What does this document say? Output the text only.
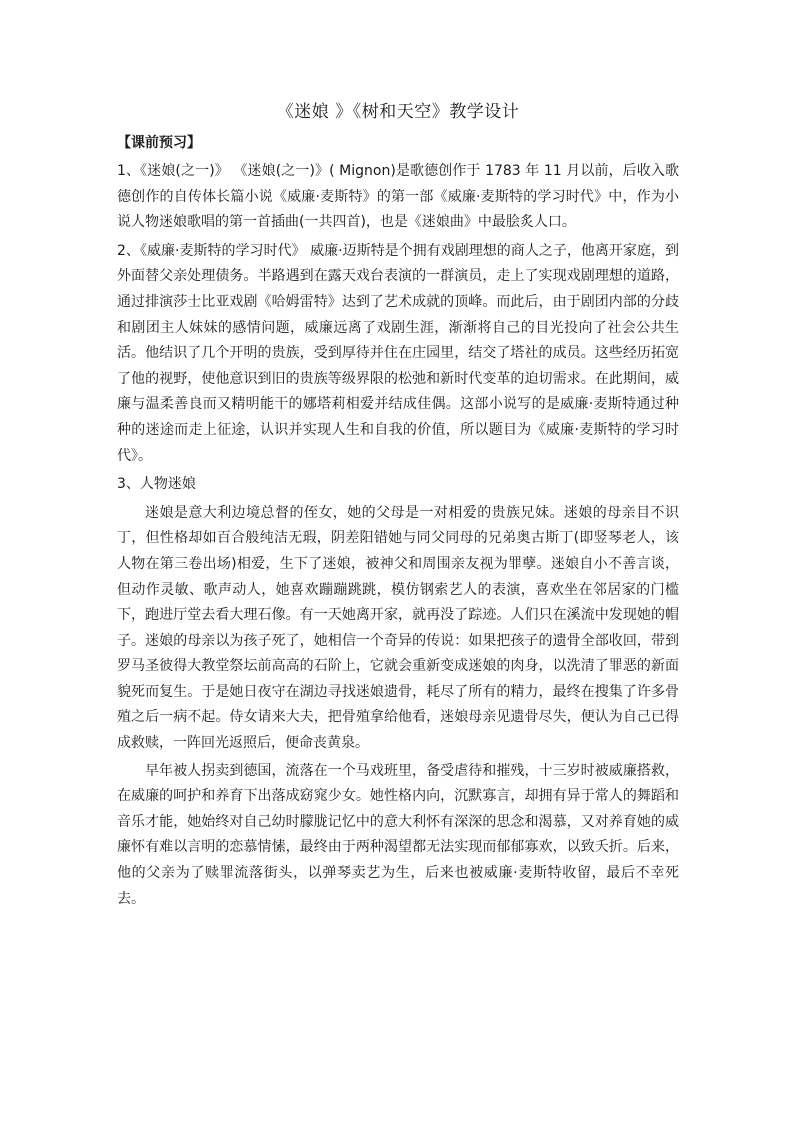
《迷娘 》《树和天空》教学设计
【课前预习】

1、《迷娘(之一)》 《迷娘(之一)》( Mignon)是歌德创作于 1783 年 11 月以前，后收入歌德创作的自传体长篇小说《威廉·麦斯特》的第一部《威廉·麦斯特的学习时代》中，作为小说人物迷娘歌唱的第一首插曲(一共四首)，也是《迷娘曲》中最脍炙人口。

2、《威廉·麦斯特的学习时代》 威廉·迈斯特是个拥有戏剧理想的商人之子，他离开家庭，到外面替父亲处理债务。半路遇到在露天戏台表演的一群演员，走上了实现戏剧理想的道路，通过排演莎士比亚戏剧《哈姆雷特》达到了艺术成就的顶峰。而此后，由于剧团内部的分歧和剧团主人妹妹的感情问题，威廉远离了戏剧生涯，渐渐将自己的目光投向了社会公共生活。他结识了几个开明的贵族，受到厚待并住在庄园里，结交了塔社的成员。这些经历拓宽了他的视野，使他意识到旧的贵族等级界限的松弛和新时代变革的迫切需求。在此期间，威廉与温柔善良而又精明能干的娜塔莉相爱并结成佳偶。这部小说写的是威廉·麦斯特通过种种的迷途而走上征途，认识并实现人生和自我的价值，所以题目为《威廉·麦斯特的学习时代》。

3、人物迷娘

迷娘是意大利边境总督的侄女，她的父母是一对相爱的贵族兄妹。迷娘的母亲目不识丁，但性格却如百合般纯洁无瑕，阴差阳错她与同父同母的兄弟奥古斯丁(即竖琴老人，该人物在第三卷出场)相爱，生下了迷娘，被神父和周围亲友视为罪孽。迷娘自小不善言谈，但动作灵敏、歌声动人，她喜欢蹦蹦跳跳，模仿钢索艺人的表演，喜欢坐在邻居家的门槛下，跑进厅堂去看大理石像。有一天她离开家，就再没了踪迹。人们只在溪流中发现她的帽子。迷娘的母亲以为孩子死了，她相信一个奇异的传说：如果把孩子的遗骨全部收回，带到罗马圣彼得大教堂祭坛前高高的石阶上，它就会重新变成迷娘的肉身，以洗清了罪恶的新面貌死而复生。于是她日夜守在湖边寻找迷娘遗骨，耗尽了所有的精力，最终在搜集了许多骨殖之后一病不起。侍女请来大夫，把骨殖拿给他看，迷娘母亲见遗骨尽失，便认为自己已得成救赎，一阵回光返照后，便命丧黄泉。

早年被人拐卖到德国，流落在一个马戏班里，备受虐待和摧残，十三岁时被威廉搭救，在威廉的呵护和养育下出落成窈窕少女。她性格内向，沉默寡言，却拥有异于常人的舞蹈和音乐才能，她始终对自己幼时朦胧记忆中的意大利怀有深深的思念和渴慕，又对养育她的威廉怀有难以言明的恋慕情愫，最终由于两种渴望都无法实现而郁郁寡欢，以致夭折。后来，他的父亲为了赎罪流落街头，以弹琴卖艺为生，后来也被威廉·麦斯特收留，最后不幸死去。
